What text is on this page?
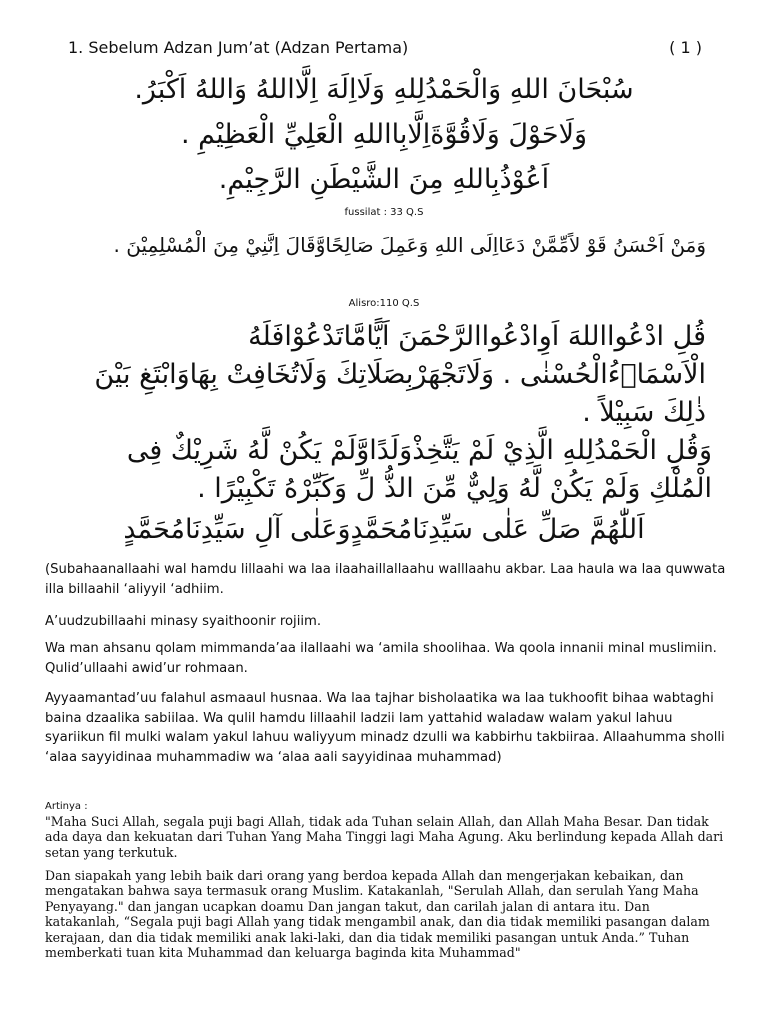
1. Sebelum Adzan Jum’at (Adzan Pertama)	( 1 )
سُبْحَانَ اللهِ وَالْحَمْدُلِلهِ وَلَااِلَهَ اِلَّااللهُ وَاللهُ اَكْبَرُ.
وَلَاحَوْلَ وَلَاقُوَّةَاِلَّابِااللهِ الْعَلِيِّ الْعَظِيْمِ .
اَعُوْذُبِاللهِ مِنَ الشَّيْطَنِ الرَّجِيْمِ.
fussilat : 33 Q.S
وَمَنْ اَحْسَنُ قَوْ لاًمِّمَّنْ دَعَااِلَى اللهِ وَعَمِلَ صَالِحًاوَّقَالَ اِنَّنِيْ مِنَ الْمُسْلِمِيْنَ .
Alisro:110 Q.S
قُلِ ادْعُوااللهَ اَوِادْعُواالرَّحْمَنَ اَيًّامَّاتَدْعُوْافَلَهُ الْاَسْمَاۤءُالْحُسْنٰى . وَلَاتَجْهَرْبِصَلَاتِكَ وَلَاتُخَافِتْ بِهَاوَابْتَغِ بَيْنَ ذٰلِكَ سَبِيْلاً .
وَقُلِ الْحَمْدُلِلهِ الَّذِيْ لَمْ يَتَّخِذْوَلَدًاوَّلَمْ يَكُنْ لَّهُ شَرِيْكٌ فِى الْمُلْكِ وَلَمْ يَكُنْ لَّهُ وَلِيٌّ مِّنَ الذُّ لِّ وَكَبِّرْهُ تَكْبِيْرًا .
اَللّٰهُمَّ صَلِّ عَلٰى سَيِّدِنَامُحَمَّدٍوَعَلٰى آلِ سَيِّدِنَامُحَمَّدٍ

(Subahaanallaahi wal hamdu lillaahi wa laa ilaahaillallaahu walllaahu akbar. Laa haula wa laa quwwata illa billaahil ‘aliyyil ‘adhiim.

A’uudzubillaahi minasy syaithoonir rojiim.

Wa man ahsanu qolam mimmanda’aa ilallaahi wa ‘amila shoolihaa. Wa qoola innanii minal muslimiin. Qulid’ullaahi awid’ur rohmaan.

Ayyaamantad’uu falahul asmaaul husnaa. Wa laa tajhar bisholaatika wa laa tukhoofit bihaa wabtaghi baina dzaalika sabiilaa. Wa qulil hamdu lillaahil ladzii lam yattahid waladaw walam yakul lahuu syariikun fil mulki walam yakul lahuu waliyyum minadz dzulli wa kabbirhu takbiiraa. Allaahumma sholli ‘alaa sayyidinaa muhammadiw wa ‘alaa aali sayyidinaa muhammad)

Artinya :

"Maha Suci Allah, segala puji bagi Allah, tidak ada Tuhan selain Allah, dan Allah Maha Besar. Dan tidak ada daya dan kekuatan dari Tuhan Yang Maha Tinggi lagi Maha Agung. Aku berlindung kepada Allah dari setan yang terkutuk.

Dan siapakah yang lebih baik dari orang yang berdoa kepada Allah dan mengerjakan kebaikan, dan mengatakan bahwa saya termasuk orang Muslim. Katakanlah, "Serulah Allah, dan serulah Yang Maha Penyayang." dan jangan ucapkan doamu Dan jangan takut, dan carilah jalan di antara itu. Dan katakanlah, “Segala puji bagi Allah yang tidak mengambil anak, dan dia tidak memiliki pasangan dalam kerajaan, dan dia tidak memiliki anak laki-laki, dan dia tidak memiliki pasangan untuk Anda.” Tuhan memberkati tuan kita Muhammad dan keluarga baginda kita Muhammad"
